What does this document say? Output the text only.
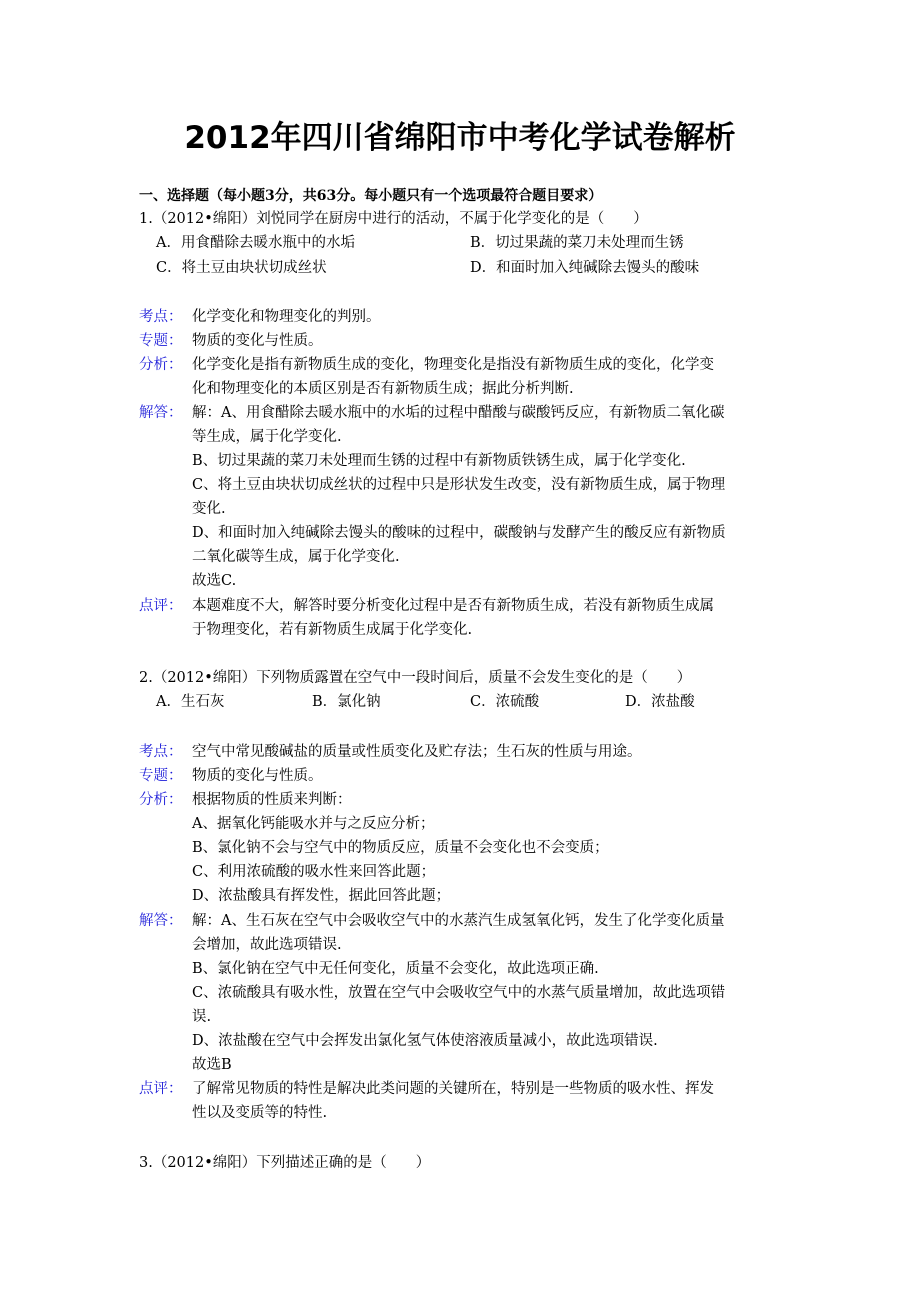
2012年四川省绵阳市中考化学试卷解析
一、选择题（每小题3分，共63分。每小题只有一个选项最符合题目要求）
1.（2012•绵阳）刘悦同学在厨房中进行的活动，不属于化学变化的是（　　）
A．用食醋除去暖水瓶中的水垢	B．切过果蔬的菜刀未处理而生锈
C．将土豆由块状切成丝状	D．和面时加入纯碱除去馒头的酸味
考点： 化学变化和物理变化的判别。
专题： 物质的变化与性质。
分析： 化学变化是指有新物质生成的变化，物理变化是指没有新物质生成的变化，化学变
化和物理变化的本质区别是否有新物质生成；据此分析判断.
解答： 解：A、用食醋除去暖水瓶中的水垢的过程中醋酸与碳酸钙反应，有新物质二氧化碳
等生成，属于化学变化.
B、切过果蔬的菜刀未处理而生锈的过程中有新物质铁锈生成，属于化学变化.
C、将土豆由块状切成丝状的过程中只是形状发生改变，没有新物质生成，属于物理
变化.
D、和面时加入纯碱除去馒头的酸味的过程中，碳酸钠与发酵产生的酸反应有新物质
二氧化碳等生成，属于化学变化.
故选C.
点评： 本题难度不大，解答时要分析变化过程中是否有新物质生成，若没有新物质生成属
于物理变化，若有新物质生成属于化学变化.
2.（2012•绵阳）下列物质露置在空气中一段时间后，质量不会发生变化的是（　　）
A．生石灰	B．氯化钠	C．浓硫酸	D．浓盐酸
考点： 空气中常见酸碱盐的质量或性质变化及贮存法；生石灰的性质与用途。
专题： 物质的变化与性质。
分析： 根据物质的性质来判断：
A、据氧化钙能吸水并与之反应分析；
B、氯化钠不会与空气中的物质反应，质量不会变化也不会变质；
C、利用浓硫酸的吸水性来回答此题；
D、浓盐酸具有挥发性，据此回答此题；
解答： 解：A、生石灰在空气中会吸收空气中的水蒸汽生成氢氧化钙，发生了化学变化质量
会增加，故此选项错误.
B、氯化钠在空气中无任何变化，质量不会变化，故此选项正确.
C、浓硫酸具有吸水性，放置在空气中会吸收空气中的水蒸气质量增加，故此选项错
误.
D、浓盐酸在空气中会挥发出氯化氢气体使溶液质量减小，故此选项错误.
故选B
点评： 了解常见物质的特性是解决此类问题的关键所在，特别是一些物质的吸水性、挥发
性以及变质等的特性.
3.（2012•绵阳）下列描述正确的是（　　）
